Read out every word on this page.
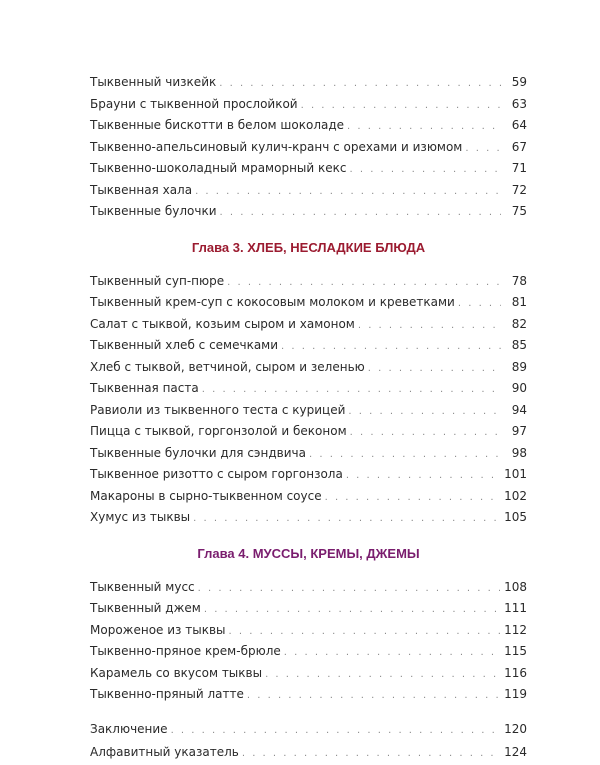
Тыквенный чизкейк . . .	59
Брауни с тыквенной прослойкой . . .	63
Тыквенные бискотти в белом шоколаде . . .	64
Тыквенно-апельсиновый кулич-кранч с орехами и изюмом . . .	67
Тыквенно-шоколадный мраморный кекс . . .	71
Тыквенная хала . . .	72
Тыквенные булочки . . .	75
Глава 3. ХЛЕБ, НЕСЛАДКИЕ БЛЮДА
Тыквенный суп-пюре . . .	78
Тыквенный крем-суп с кокосовым молоком и креветками . . .	81
Салат с тыквой, козьим сыром и хамоном . . .	82
Тыквенный хлеб с семечками . . .	85
Хлеб с тыквой, ветчиной, сыром и зеленью . . .	89
Тыквенная паста . . .	90
Равиоли из тыквенного теста с курицей . . .	94
Пицца с тыквой, горгонзолой и беконом . . .	97
Тыквенные булочки для сэндвича . . .	98
Тыквенное ризотто с сыром горгонзола . . .	101
Макароны в сырно-тыквенном соусе . . .	102
Хумус из тыквы . . .	105
Глава 4. МУССЫ, КРЕМЫ, ДЖЕМЫ
Тыквенный мусс . . .	108
Тыквенный джем . . .	111
Мороженое из тыквы . . .	112
Тыквенно-пряное крем-брюле . . .	115
Карамель со вкусом тыквы . . .	116
Тыквенно-пряный латте . . .	119
Заключение . . .	120
Алфавитный указатель . . .	124
